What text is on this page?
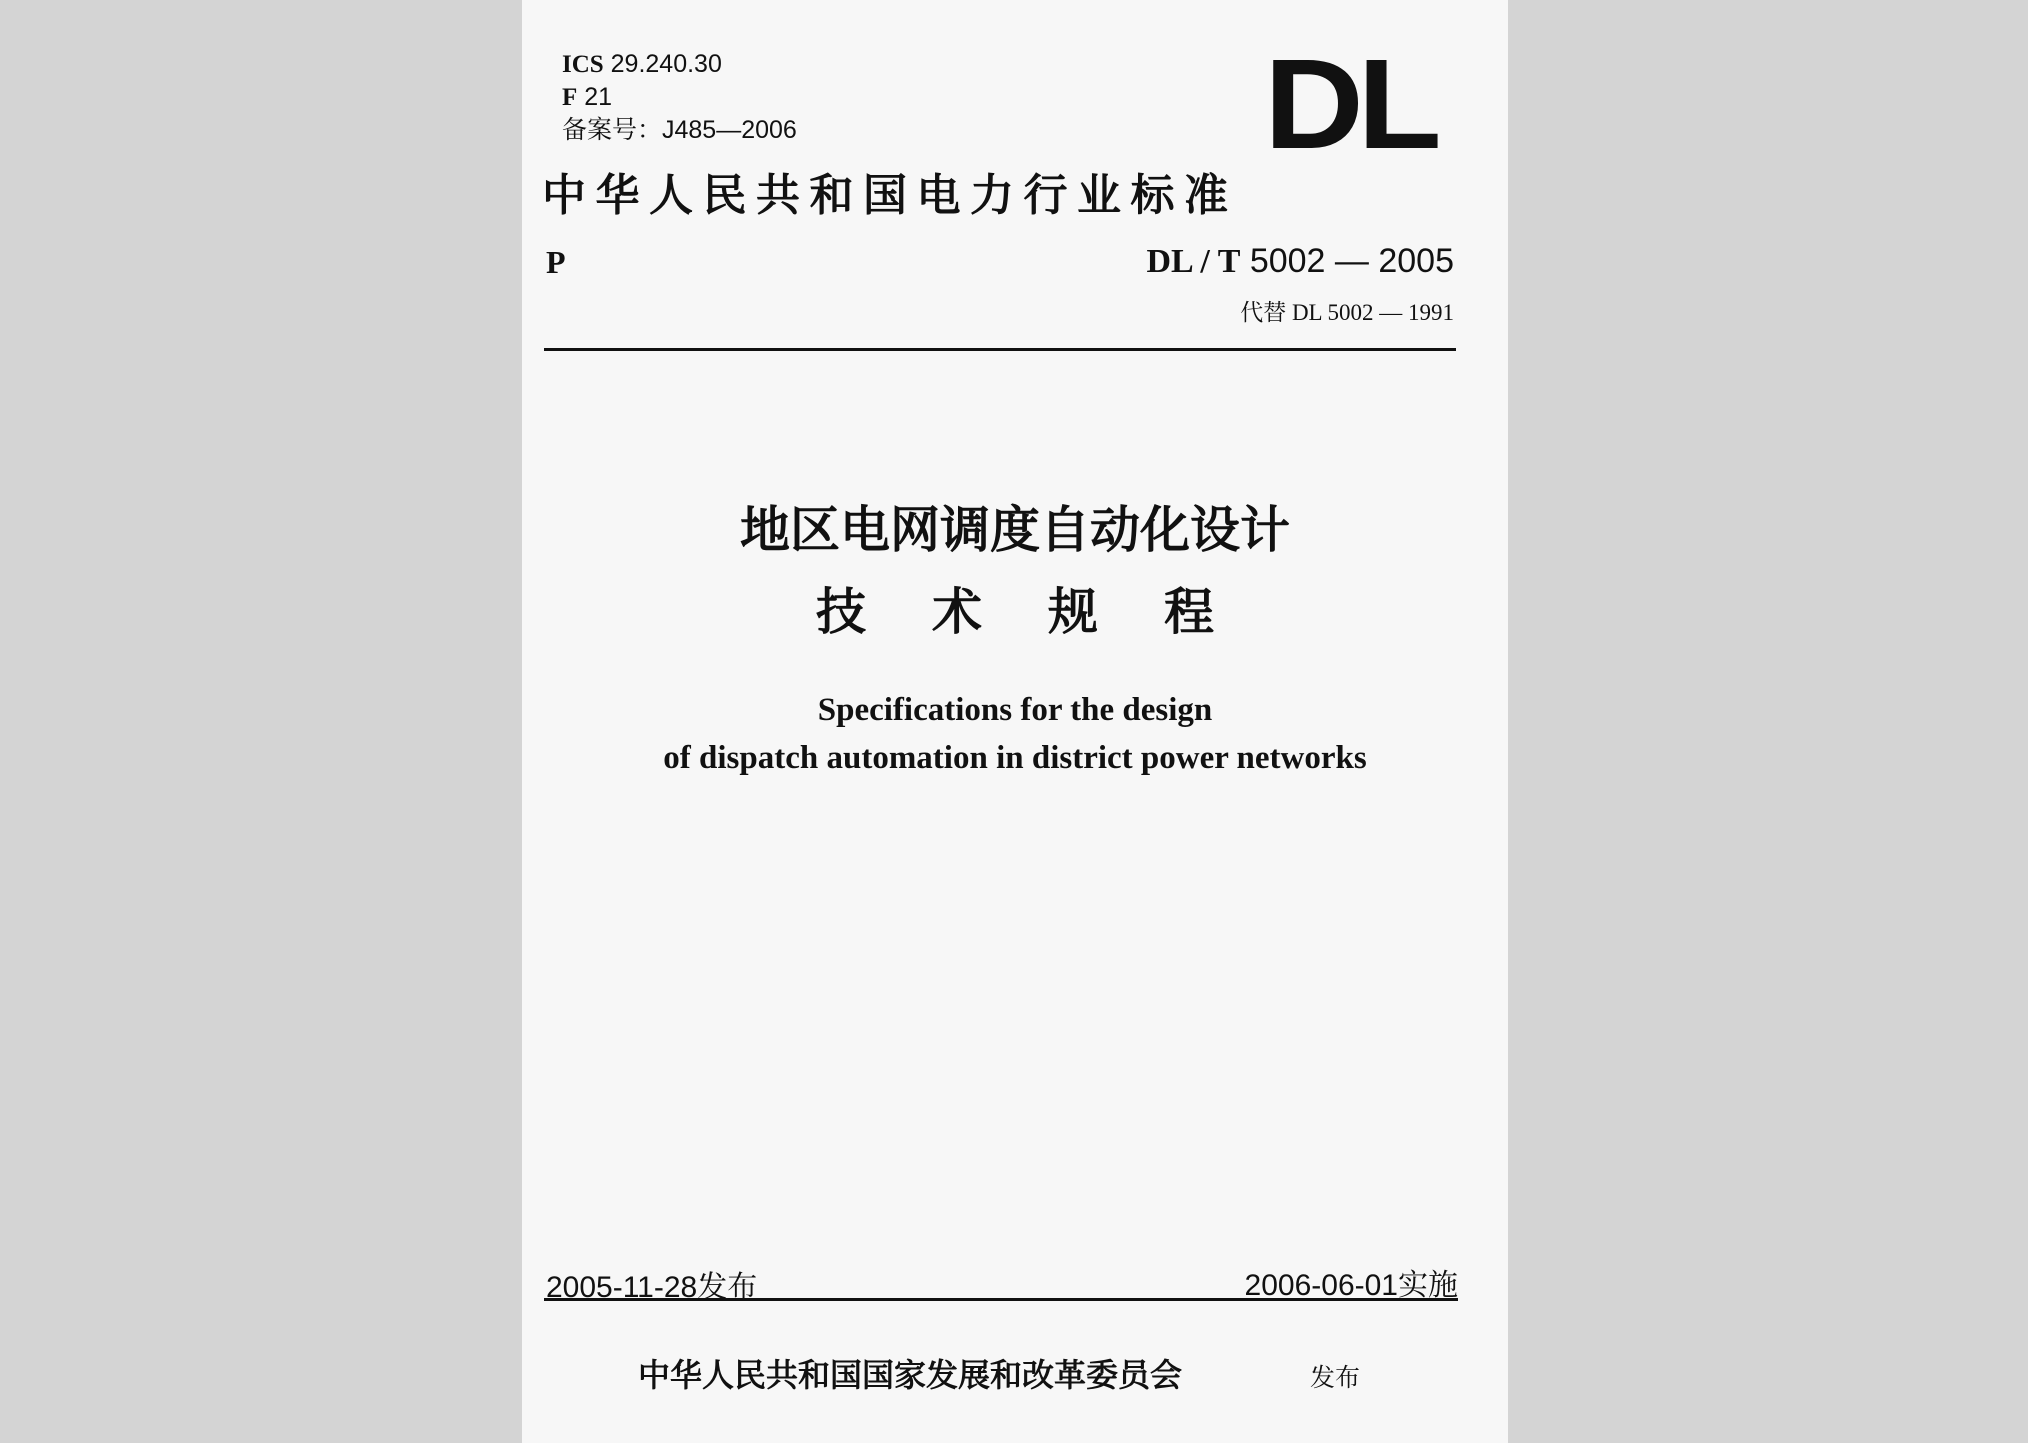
ICS 29.240.30
F 21
备案号：J485—2006	DL
中华人民共和国电力行业标准
P	DL / T 5002 — 2005
代替 DL 5002 — 1991
地区电网调度自动化设计
技术规程
Specifications for the design
of dispatch automation in district power networks
2005-11-28发布	2006-06-01实施
中华人民共和国国家发展和改革委员会	发布
